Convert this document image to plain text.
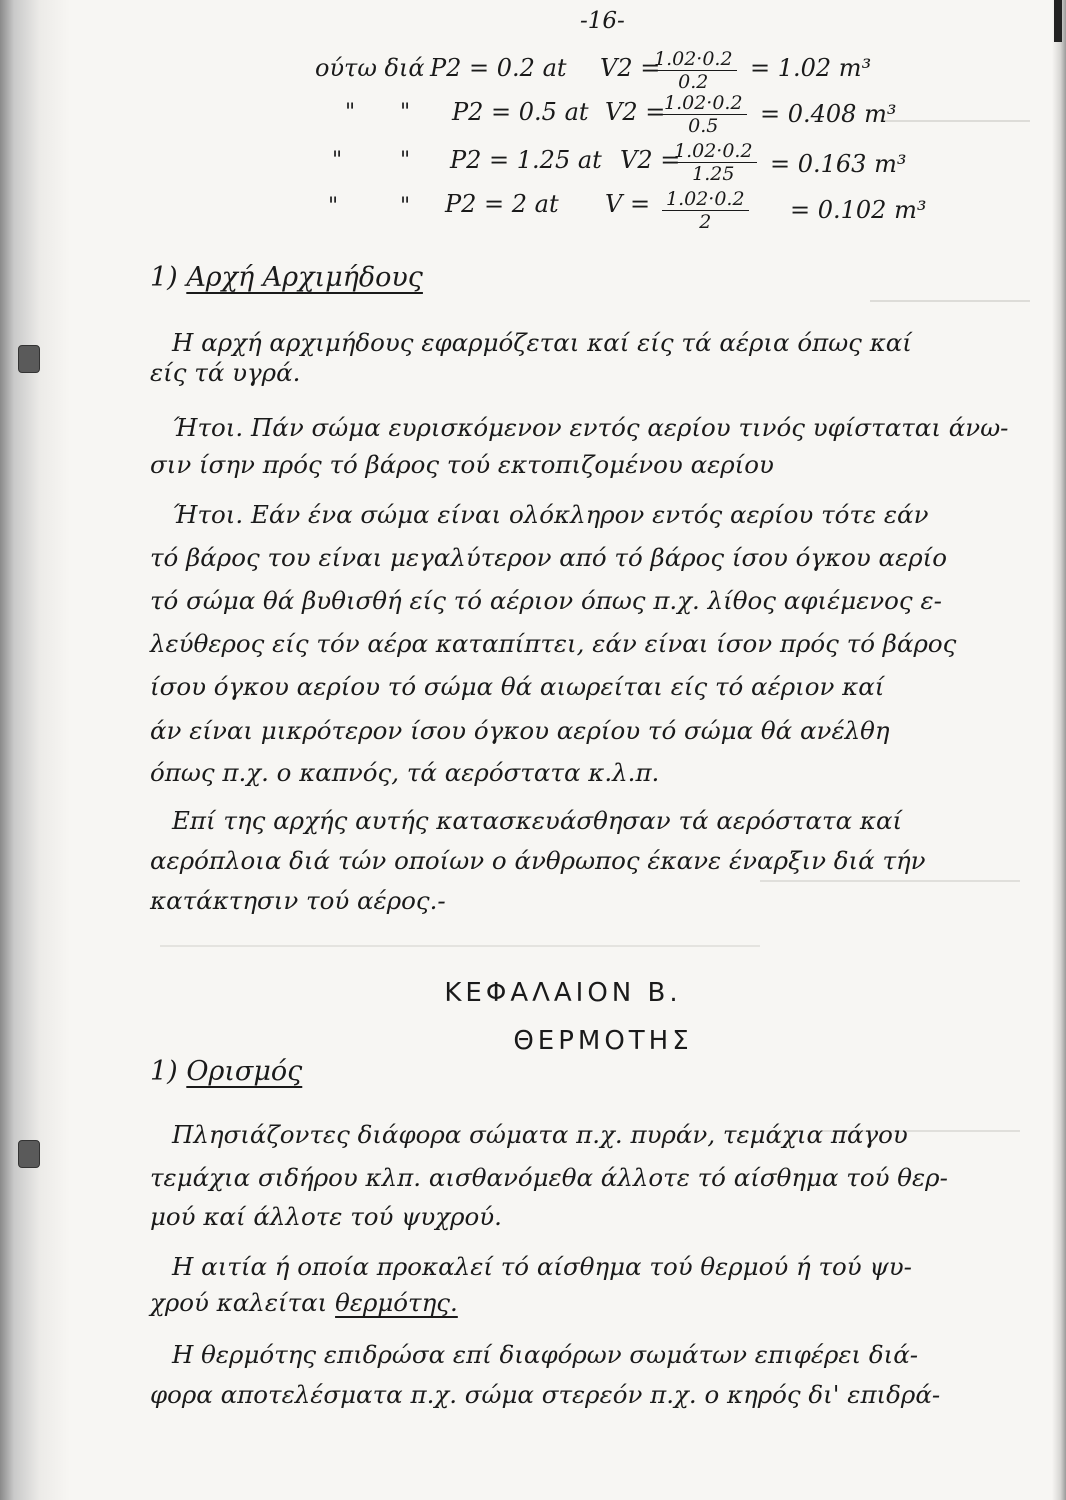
-16-
ούτω διά P2 = 0.2 at V2 =
$\frac{1.02\cdot 0.2}{0.2} = 1.02$ m³
" " P2 = 0.5 at V2 =
$\frac{1.02\cdot 0.2}{0.5} = 0.408$ m³
"	" P2 = 1.25 at V2 =
$\frac{1.02\cdot 0.2}{1.25} = 0.163$ m³
"	" P2 = 2 at $V = \frac{1.02\cdot 0.2}{2} = 0.102$ m³
1) Αρχή Αρχιμήδους
Η αρχή αρχιμήδους εφαρμόζεται καί είς τά αέρια όπως καί
είς τά υγρά.
Ήτοι. Πάν σώμα ευρισκόμενον εντός αερίου τινός υφίσταται άνω-
σιν ίσην πρός τό βάρος τού εκτοπιζομένου αερίου
Ήτοι. Εάν ένα σώμα είναι ολόκληρον εντός αερίου τότε εάν
τό βάρος του είναι μεγαλύτερον από τό βάρος ίσου όγκου αερίο
τό σώμα θά βυθισθή είς τό αέριον όπως π.χ. λίθος αφιέμενος ε-
λεύθερος είς τόν αέρα καταπίπτει, εάν είναι ίσον πρός τό βάρος
ίσου όγκου αερίου τό σώμα θά αιωρείται είς τό αέριον καί
άν είναι μικρότερον ίσου όγκου αερίου τό σώμα θά ανέλθη
όπως π.χ. ο καπνός, τά αερόστατα κ.λ.π.
Επί της αρχής αυτής κατασκευάσθησαν τά αερόστατα καί
αερόπλοια διά τών οποίων ο άνθρωπος έκανε έναρξιν διά τήν
κατάκτησιν τού αέρος.-
ΚΕΦΑΛΑΙΟΝ Β.
ΘΕΡΜΟΤΗΣ
1) Ορισμός
Πλησιάζοντες διάφορα σώματα π.χ. πυράν, τεμάχια πάγου
τεμάχια σιδήρου κλπ. αισθανόμεθα άλλοτε τό αίσθημα τού θερ-
μού καί άλλοτε τού ψυχρού.
Η αιτία ή οποία προκαλεί τό αίσθημα τού θερμού ή τού ψυ-
χρού καλείται θερμότης.
Η θερμότης επιδρώσα επί διαφόρων σωμάτων επιφέρει διά-
φορα αποτελέσματα π.χ. σώμα στερεόν π.χ. ο κηρός δι' επιδρά-
